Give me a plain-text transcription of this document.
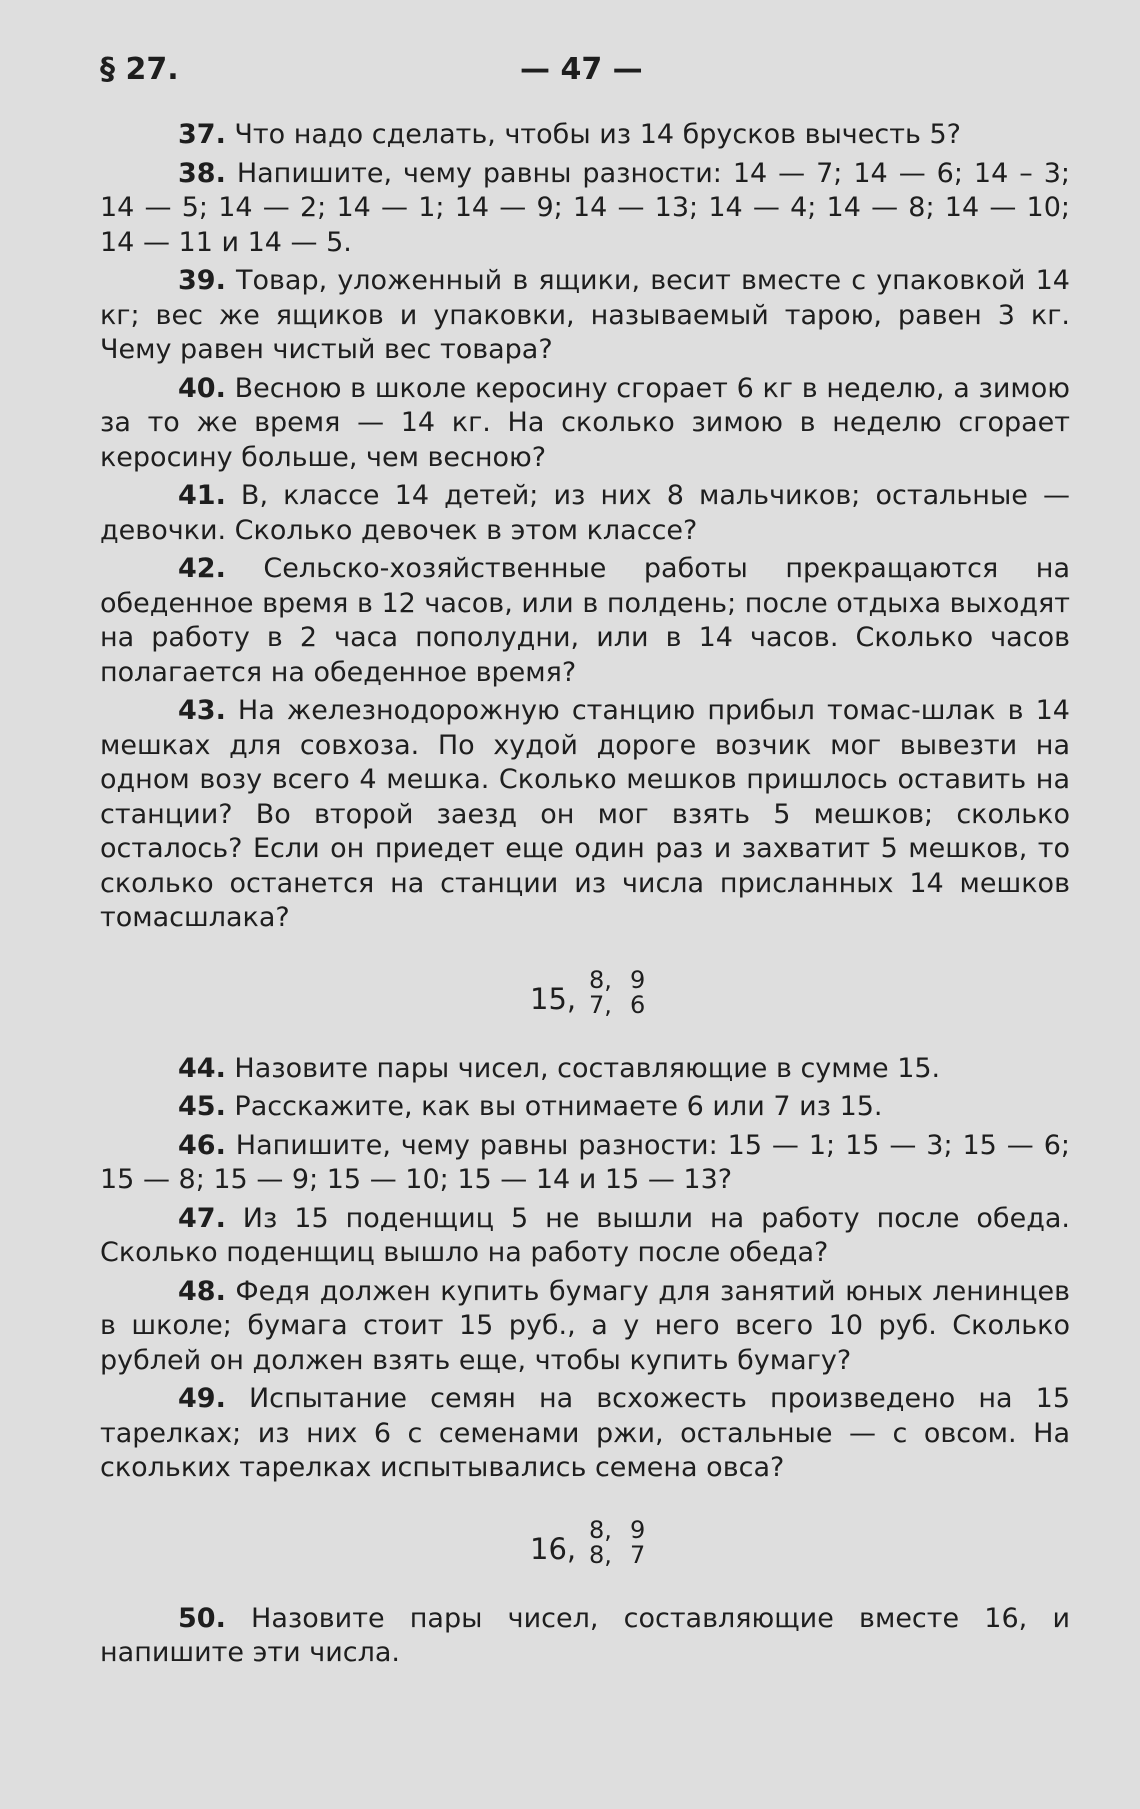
§ 27.	— 47 —

37. Что надо сделать, чтобы из 14 брусков вычесть 5?

38. Напишите, чему равны разности: 14 — 7; 14 — 6; 14 – 3; 14 — 5; 14 — 2; 14 — 1; 14 — 9; 14 — 13; 14 — 4; 14 — 8; 14 — 10; 14 — 11 и 14 — 5.

39. Товар, уложенный в ящики, весит вместе с упаковкой 14 кг; вес же ящиков и упаковки, называемый тарою, равен 3 кг. Чему равен чистый вес товара?

40. Весною в школе керосину сгорает 6 кг в неделю, а зимою за то же время — 14 кг. На сколько зимою в неделю сгорает керосину больше, чем весною?

41. В, классе 14 детей; из них 8 мальчиков; остальные — девочки. Сколько девочек в этом классе?

42. Сельско-хозяйственные работы прекращаются на обеденное время в 12 часов, или в полдень; после отдыха выходят на работу в 2 часа пополудни, или в 14 часов. Сколько часов полагается на обеденное время?

43. На железнодорожную станцию прибыл томас-шлак в 14 мешках для совхоза. По худой дороге возчик мог вывезти на одном возу всего 4 мешка. Сколько мешков пришлось оставить на станции? Во второй заезд он мог взять 5 мешков; сколько осталось? Если он приедет еще один раз и захватит 5 мешков, то сколько останется на станции из числа присланных 14 мешков томасшлака?

15,
8,
7,
9
6

44. Назовите пары чисел, составляющие в сумме 15.

45. Расскажите, как вы отнимаете 6 или 7 из 15.

46. Напишите, чему равны разности: 15 — 1; 15 — 3; 15 — 6; 15 — 8; 15 — 9; 15 — 10; 15 — 14 и 15 — 13?

47. Из 15 поденщиц 5 не вышли на работу после обеда. Сколько поденщиц вышло на работу после обеда?

48. Федя должен купить бумагу для занятий юных ленинцев в школе; бумага стоит 15 руб., а у него всего 10 руб. Сколько рублей он должен взять еще, чтобы купить бумагу?

49. Испытание семян на всхожесть произведено на 15 тарелках; из них 6 с семенами ржи, остальные — с овсом. На скольких тарелках испытывались семена овса?

16,
8,
8,
9
7

50. Назовите пары чисел, составляющие вместе 16, и напишите эти числа.
